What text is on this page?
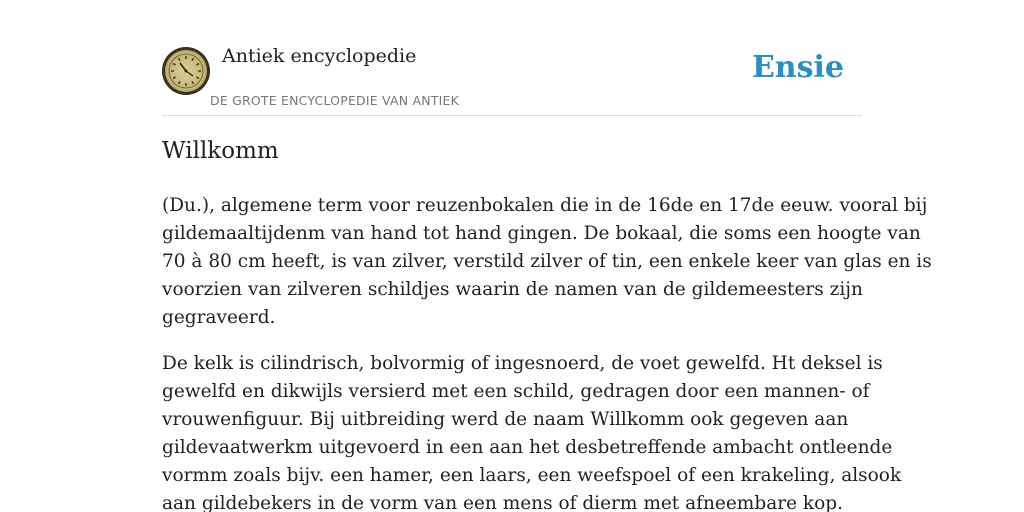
Antiek encyclopedie
DE GROTE ENCYCLOPEDIE VAN ANTIEK
Ensie
Willkomm

(Du.), algemene term voor reuzenbokalen die in de 16de en 17de eeuw. vooral bij
gildemaaltijdenm van hand tot hand gingen. De bokaal, die soms een hoogte van
70 à 80 cm heeft, is van zilver, verstild zilver of tin, een enkele keer van glas en is
voorzien van zilveren schildjes waarin de namen van de gildemeesters zijn
gegraveerd.

De kelk is cilindrisch, bolvormig of ingesnoerd, de voet gewelfd. Ht deksel is
gewelfd en dikwijls versierd met een schild, gedragen door een mannen- of
vrouwenfiguur. Bij uitbreiding werd de naam Willkomm ook gegeven aan
gildevaatwerkm uitgevoerd in een aan het desbetreffende ambacht ontleende
vormm zoals bijv. een hamer, een laars, een weefspoel of een krakeling, alsook
aan gildebekers in de vorm van een mens of dierm met afneembare kop.
